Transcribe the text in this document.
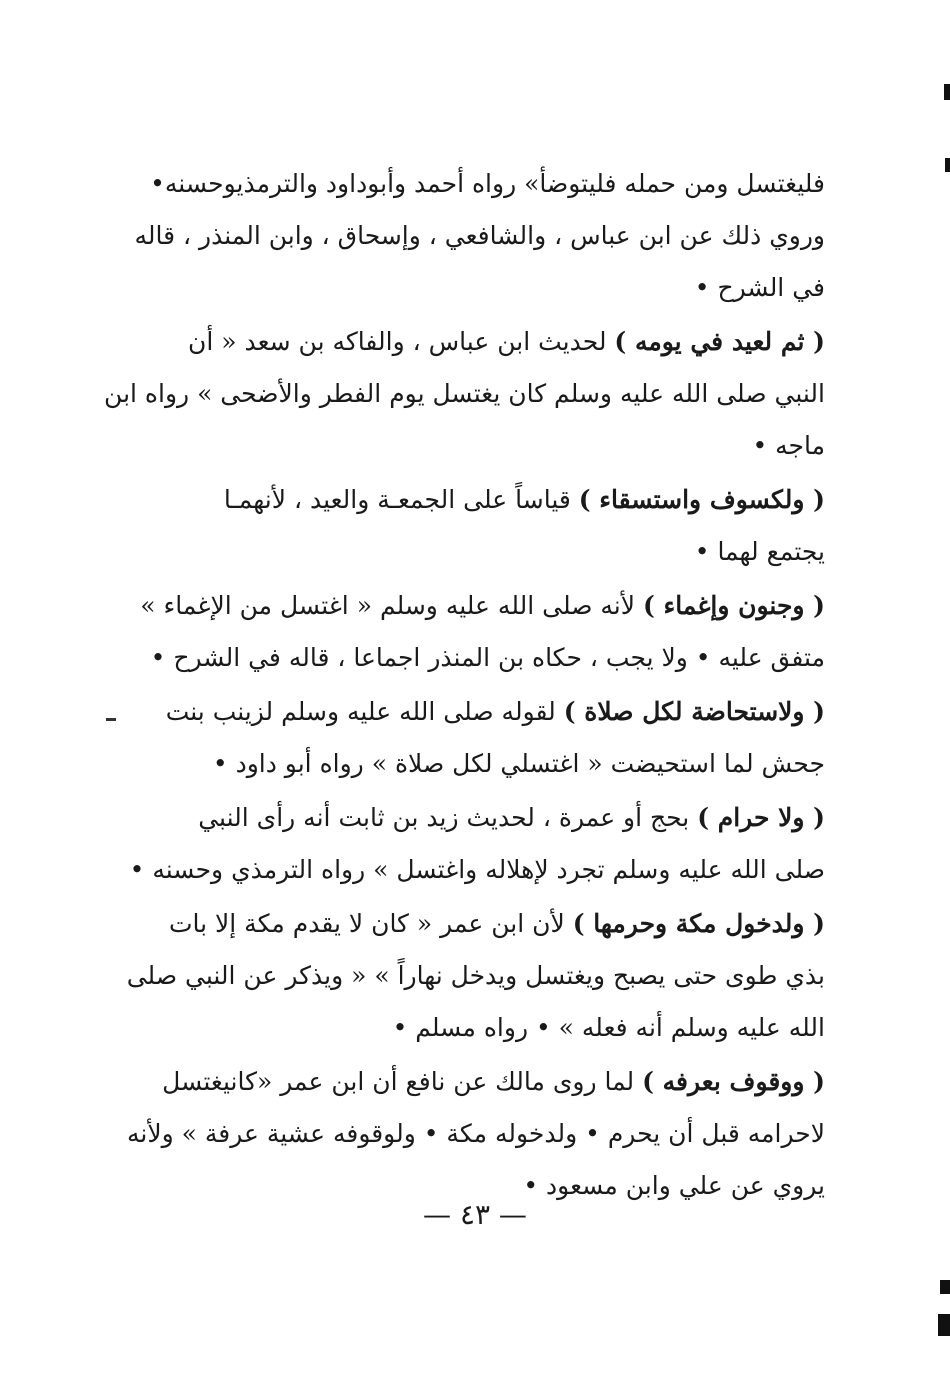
فليغتسل ومن حمله فليتوضأ» رواه أحمد وأبوداود والترمذيوحسنه•
وروي ذلك عن ابن عباس ، والشافعي ، وإسحاق ، وابن المنذر ، قاله
في الشرح •
( ثم لعيد في يومه ) لحديث ابن عباس ، والفاكه بن سعد « أن
النبي صلى الله عليه وسلم كان يغتسل يوم الفطر والأضحى » رواه ابن
ماجه •
( ولكسوف واستسقاء ) قياساً على الجمعـة والعيد ، لأنهمـا
يجتمع لهما •
( وجنون وإغماء ) لأنه صلى الله عليه وسلم « اغتسل من الإغماء »
متفق عليه • ولا يجب ، حكاه بن المنذر اجماعا ، قاله في الشرح •
( ولاستحاضة لكل صلاة ) لقوله صلى الله عليه وسلم لزينب بنت
جحش لما استحيضت « اغتسلي لكل صلاة » رواه أبو داود •
( ولا حرام ) بحج أو عمرة ، لحديث زيد بن ثابت أنه رأى النبي
صلى الله عليه وسلم تجرد لإهلاله واغتسل » رواه الترمذي وحسنه •
( ولدخول مكة وحرمها ) لأن ابن عمر « كان لا يقدم مكة إلا بات
بذي طوى حتى يصبح ويغتسل ويدخل نهاراً » « ويذكر عن النبي صلى
الله عليه وسلم أنه فعله » • رواه مسلم •
( ووقوف بعرفه ) لما روى مالك عن نافع أن ابن عمر «كانيغتسل
لاحرامه قبل أن يحرم • ولدخوله مكة • ولوقوفه عشية عرفة » ولأنه
يروي عن علي وابن مسعود •
— ٤٣ —
